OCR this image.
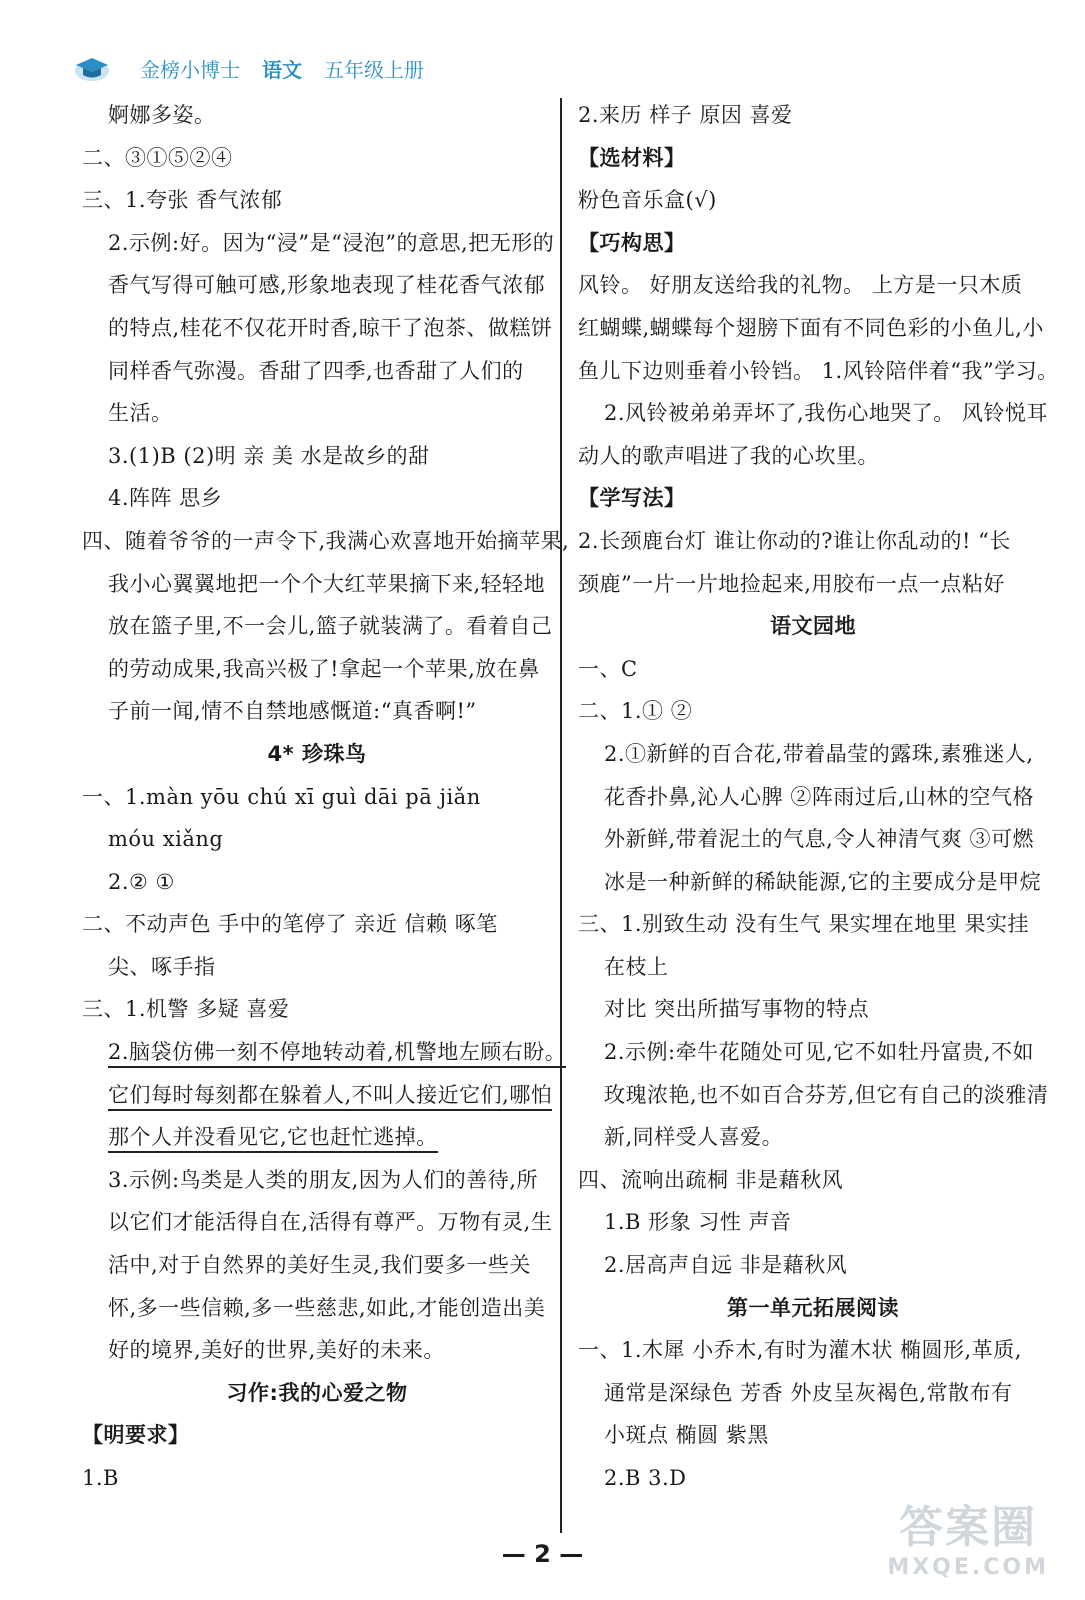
金榜小博士 语文 五年级上册
婀娜多姿。
二、③①⑤②④
三、1.夸张 香气浓郁
2.示例:好。因为“浸”是“浸泡”的意思,把无形的
香气写得可触可感,形象地表现了桂花香气浓郁
的特点,桂花不仅花开时香,晾干了泡茶、做糕饼
同样香气弥漫。香甜了四季,也香甜了人们的
生活。
3.(1)B (2)明 亲 美 水是故乡的甜
4.阵阵 思乡
四、随着爷爷的一声令下,我满心欢喜地开始摘苹果,
我小心翼翼地把一个个大红苹果摘下来,轻轻地
放在篮子里,不一会儿,篮子就装满了。看着自己
的劳动成果,我高兴极了!拿起一个苹果,放在鼻
子前一闻,情不自禁地感慨道:“真香啊!”
4* 珍珠鸟
一、1.màn yōu chú xī guì dāi pā jiǎn
móu xiǎng
2.② ①
二、不动声色 手中的笔停了 亲近 信赖 啄笔
尖、啄手指
三、1.机警 多疑 喜爱
2.脑袋仿佛一刻不停地转动着,机警地左顾右盼。
它们每时每刻都在躲着人,不叫人接近它们,哪怕
那个人并没看见它,它也赶忙逃掉。
3.示例:鸟类是人类的朋友,因为人们的善待,所
以它们才能活得自在,活得有尊严。万物有灵,生
活中,对于自然界的美好生灵,我们要多一些关
怀,多一些信赖,多一些慈悲,如此,才能创造出美
好的境界,美好的世界,美好的未来。
习作:我的心爱之物
【明要求】
1.B
2.来历 样子 原因 喜爱
【选材料】
粉色音乐盒(√)
【巧构思】
风铃。 好朋友送给我的礼物。 上方是一只木质
红蝴蝶,蝴蝶每个翅膀下面有不同色彩的小鱼儿,小
鱼儿下边则垂着小铃铛。 1.风铃陪伴着“我”学习。
2.风铃被弟弟弄坏了,我伤心地哭了。 风铃悦耳
动人的歌声唱进了我的心坎里。
【学写法】
2.长颈鹿台灯 谁让你动的?谁让你乱动的! “长
颈鹿”一片一片地捡起来,用胶布一点一点粘好
语文园地
一、C
二、1.① ②
2.①新鲜的百合花,带着晶莹的露珠,素雅迷人,
花香扑鼻,沁人心脾 ②阵雨过后,山林的空气格
外新鲜,带着泥土的气息,令人神清气爽 ③可燃
冰是一种新鲜的稀缺能源,它的主要成分是甲烷
三、1.别致生动 没有生气 果实埋在地里 果实挂
在枝上
对比 突出所描写事物的特点
2.示例:牵牛花随处可见,它不如牡丹富贵,不如
玫瑰浓艳,也不如百合芬芳,但它有自己的淡雅清
新,同样受人喜爱。
四、流响出疏桐 非是藉秋风
1.B 形象 习性 声音
2.居高声自远 非是藉秋风
第一单元拓展阅读
一、1.木犀 小乔木,有时为灌木状 椭圆形,革质,
通常是深绿色 芳香 外皮呈灰褐色,常散布有
小斑点 椭圆 紫黑
2.B 3.D
— 2 —
答案圈
MXQE.COM
